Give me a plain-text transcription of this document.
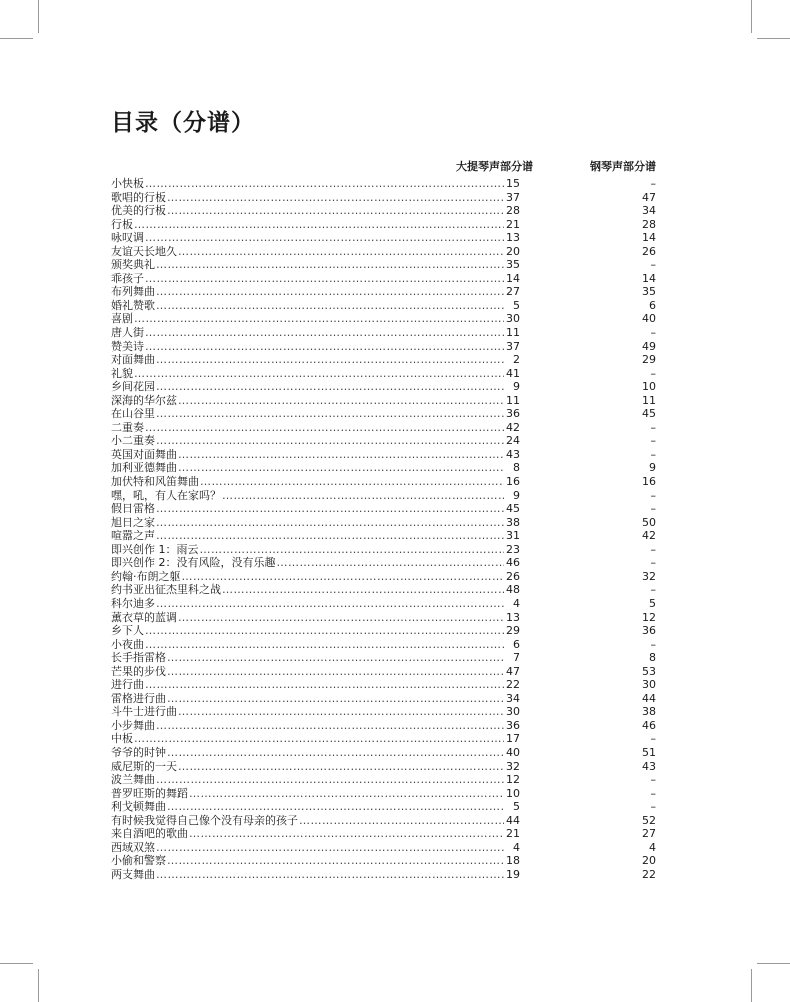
目录（分谱）
大提琴声部分谱	钢琴声部分谱
小快板 ……………………………………………………………………………………………………………………………………………………………………………………………………………………………………………………	15	–
歌唱的行板 ……………………………………………………………………………………………………………………………………………………………………………………………………………………………………………………	37	47
优美的行板 ……………………………………………………………………………………………………………………………………………………………………………………………………………………………………………………	28	34
行板 ……………………………………………………………………………………………………………………………………………………………………………………………………………………………………………………	21	28
咏叹调 ……………………………………………………………………………………………………………………………………………………………………………………………………………………………………………………	13	14
友谊天长地久 ……………………………………………………………………………………………………………………………………………………………………………………………………………………………………………………	20	26
颁奖典礼 ……………………………………………………………………………………………………………………………………………………………………………………………………………………………………………………	35	–
乖孩子 ……………………………………………………………………………………………………………………………………………………………………………………………………………………………………………………	14	14
布列舞曲 ……………………………………………………………………………………………………………………………………………………………………………………………………………………………………………………	27	35
婚礼赞歌 ……………………………………………………………………………………………………………………………………………………………………………………………………………………………………………………	5	6
喜剧 ……………………………………………………………………………………………………………………………………………………………………………………………………………………………………………………	30	40
唐人街 ……………………………………………………………………………………………………………………………………………………………………………………………………………………………………………………	11	–
赞美诗 ……………………………………………………………………………………………………………………………………………………………………………………………………………………………………………………	37	49
对面舞曲 ……………………………………………………………………………………………………………………………………………………………………………………………………………………………………………………	2	29
礼貌 ……………………………………………………………………………………………………………………………………………………………………………………………………………………………………………………	41	–
乡间花园 ……………………………………………………………………………………………………………………………………………………………………………………………………………………………………………………	9	10
深海的华尔兹 ……………………………………………………………………………………………………………………………………………………………………………………………………………………………………………………	11	11
在山谷里 ……………………………………………………………………………………………………………………………………………………………………………………………………………………………………………………	36	45
二重奏 ……………………………………………………………………………………………………………………………………………………………………………………………………………………………………………………	42	–
小二重奏 ……………………………………………………………………………………………………………………………………………………………………………………………………………………………………………………	24	–
英国对面舞曲 ……………………………………………………………………………………………………………………………………………………………………………………………………………………………………………………	43	–
加利亚德舞曲 ……………………………………………………………………………………………………………………………………………………………………………………………………………………………………………………	8	9
加伏特和风笛舞曲 ……………………………………………………………………………………………………………………………………………………………………………………………………………………………………………………	16	16
嘿，吼，有人在家吗？ ……………………………………………………………………………………………………………………………………………………………………………………………………………………………………………………	9	–
假日雷格 ……………………………………………………………………………………………………………………………………………………………………………………………………………………………………………………	45	–
旭日之家 ……………………………………………………………………………………………………………………………………………………………………………………………………………………………………………………	38	50
喧嚣之声 ……………………………………………………………………………………………………………………………………………………………………………………………………………………………………………………	31	42
即兴创作 1：雨云 ……………………………………………………………………………………………………………………………………………………………………………………………………………………………………………………	23	–
即兴创作 2：没有风险，没有乐趣 ……………………………………………………………………………………………………………………………………………………………………………………………………………………………………………………	46	–
约翰·布朗之躯 ……………………………………………………………………………………………………………………………………………………………………………………………………………………………………………………	26	32
约书亚出征杰里科之战 ……………………………………………………………………………………………………………………………………………………………………………………………………………………………………………………	48	–
科尔迪多 ……………………………………………………………………………………………………………………………………………………………………………………………………………………………………………………	4	5
薰衣草的蓝调 ……………………………………………………………………………………………………………………………………………………………………………………………………………………………………………………	13	12
乡下人 ……………………………………………………………………………………………………………………………………………………………………………………………………………………………………………………	29	36
小夜曲 ……………………………………………………………………………………………………………………………………………………………………………………………………………………………………………………	6	–
长手指雷格 ……………………………………………………………………………………………………………………………………………………………………………………………………………………………………………………	7	8
芒果的步伐 ……………………………………………………………………………………………………………………………………………………………………………………………………………………………………………………	47	53
进行曲 ……………………………………………………………………………………………………………………………………………………………………………………………………………………………………………………	22	30
雷格进行曲 ……………………………………………………………………………………………………………………………………………………………………………………………………………………………………………………	34	44
斗牛士进行曲 ……………………………………………………………………………………………………………………………………………………………………………………………………………………………………………………	30	38
小步舞曲 ……………………………………………………………………………………………………………………………………………………………………………………………………………………………………………………	36	46
中板 ……………………………………………………………………………………………………………………………………………………………………………………………………………………………………………………	17	–
爷爷的时钟 ……………………………………………………………………………………………………………………………………………………………………………………………………………………………………………………	40	51
威尼斯的一天 ……………………………………………………………………………………………………………………………………………………………………………………………………………………………………………………	32	43
波兰舞曲 ……………………………………………………………………………………………………………………………………………………………………………………………………………………………………………………	12	–
普罗旺斯的舞蹈 ……………………………………………………………………………………………………………………………………………………………………………………………………………………………………………………	10	–
利戈顿舞曲 ……………………………………………………………………………………………………………………………………………………………………………………………………………………………………………………	5	–
有时候我觉得自己像个没有母亲的孩子 ……………………………………………………………………………………………………………………………………………………………………………………………………………………………………………………	44	52
来自酒吧的歌曲 ……………………………………………………………………………………………………………………………………………………………………………………………………………………………………………………	21	27
西域双煞 ……………………………………………………………………………………………………………………………………………………………………………………………………………………………………………………	4	4
小偷和警察 ……………………………………………………………………………………………………………………………………………………………………………………………………………………………………………………	18	20
两支舞曲 ……………………………………………………………………………………………………………………………………………………………………………………………………………………………………………………	19	22
